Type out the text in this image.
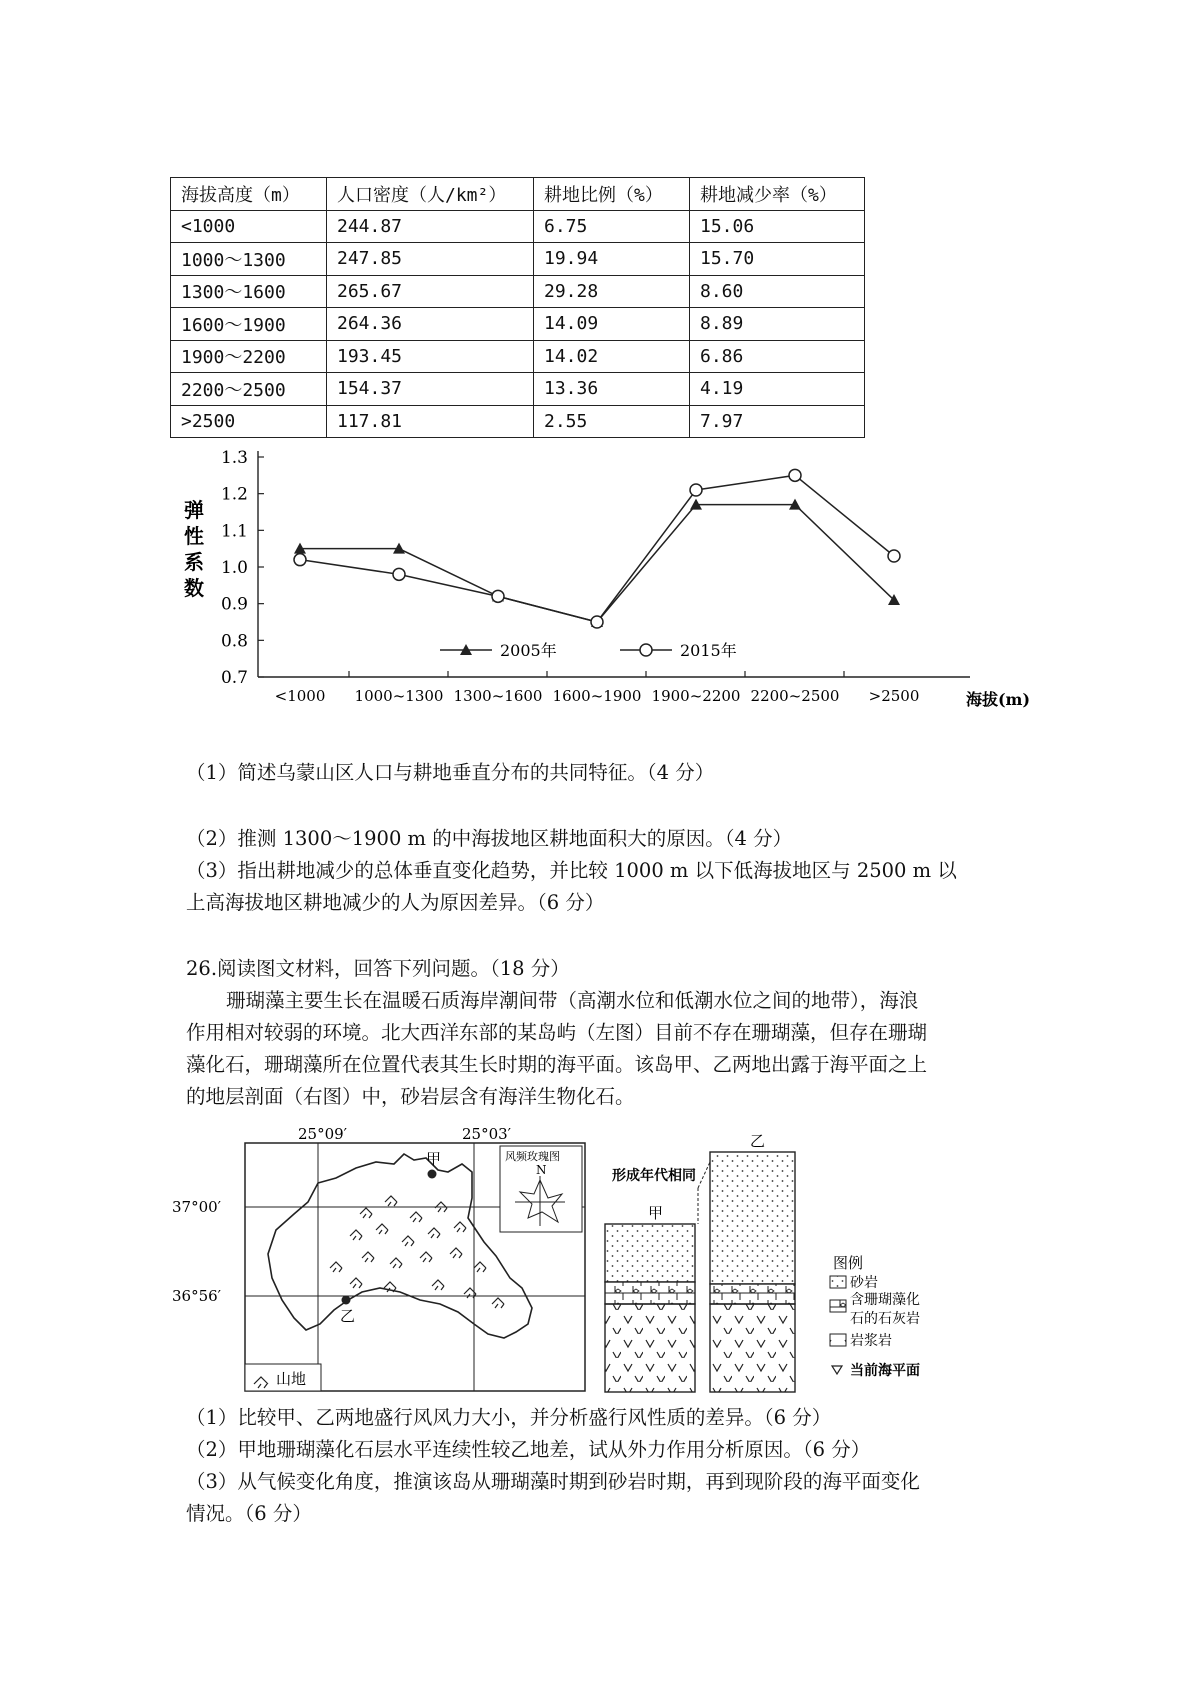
海拔高度（m）	人口密度（人/km²）	耕地比例（%）	耕地减少率（%）
<1000	244.87	6.75	15.06
1000～1300	247.85	19.94	15.70
1300～1600	265.67	29.28	8.60
1600～1900	264.36	14.09	8.89
1900～2200	193.45	14.02	6.86
2200～2500	154.37	13.36	4.19
>2500	117.81	2.55	7.97
0.7
0.8
0.9
1.0
1.1
1.2
1.3
<1000 1000~1300 1300~1600 1600~1900 1900~2200 2200~2500 >2500	海拔(m)
弹
性
系
数
2005年	2015年
（1）简述乌蒙山区人口与耕地垂直分布的共同特征。（4 分）
（2）推测 1300～1900 m 的中海拔地区耕地面积大的原因。（4 分）
（3）指出耕地减少的总体垂直变化趋势，并比较 1000 m 以下低海拔地区与 2500 m 以
上高海拔地区耕地减少的人为原因差异。（6 分）
26.阅读图文材料，回答下列问题。（18 分）
珊瑚藻主要生长在温暖石质海岸潮间带（高潮水位和低潮水位之间的地带），海浪
作用相对较弱的环境。北大西洋东部的某岛屿（左图）目前不存在珊瑚藻，但存在珊瑚
藻化石，珊瑚藻所在位置代表其生长时期的海平面。该岛甲、乙两地出露于海平面之上
的地层剖面（右图）中，砂岩层含有海洋生物化石。
25°09′	25°03′
37°00′
36°56′
甲
乙
风频玫瑰图
N
山地
甲
乙
形成年代相同
图例
砂岩
含珊瑚藻化
石的石灰岩
岩浆岩
当前海平面
（1）比较甲、乙两地盛行风风力大小，并分析盛行风性质的差异。（6 分）
（2）甲地珊瑚藻化石层水平连续性较乙地差，试从外力作用分析原因。（6 分）
（3）从气候变化角度，推演该岛从珊瑚藻时期到砂岩时期，再到现阶段的海平面变化
情况。（6 分）
